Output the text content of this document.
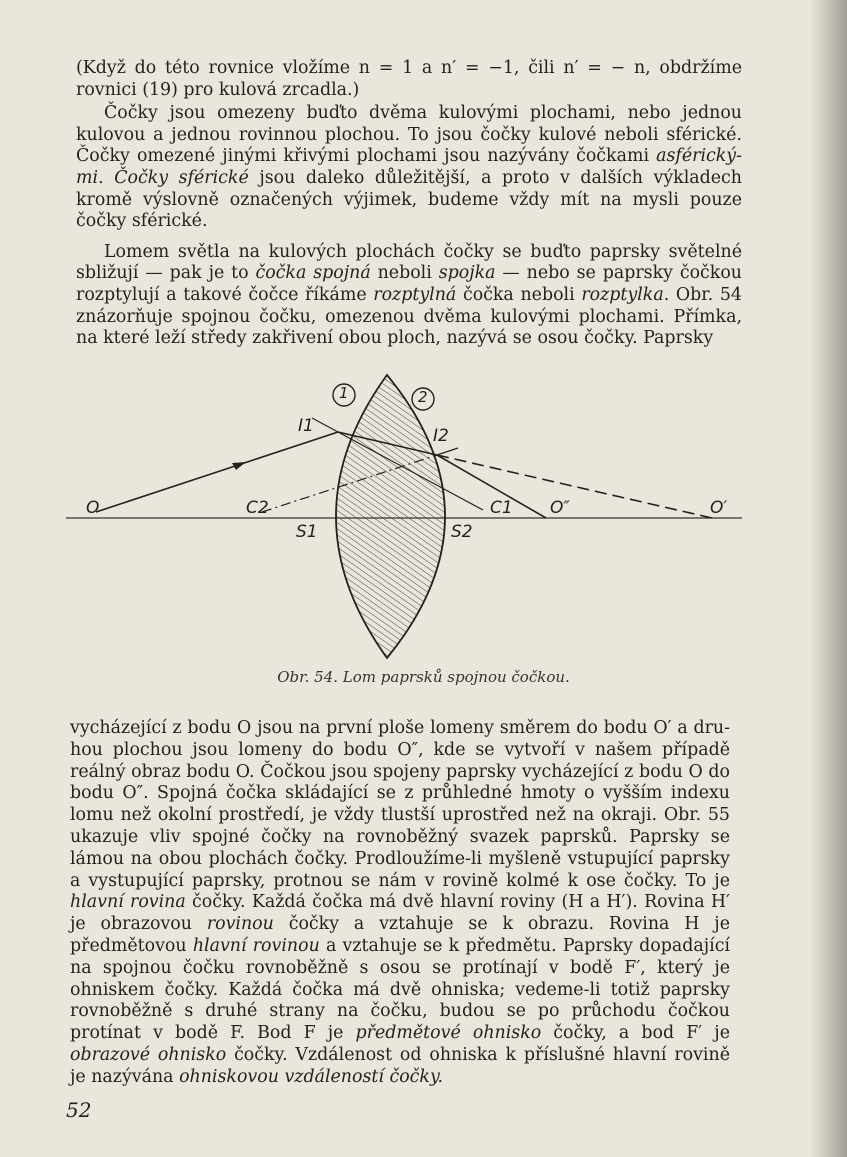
(Když do této rovnice vložíme n = 1 a n′ = −1, čili n′ = − n, obdržíme rovnici (19) pro kulová zrcadla.)

Čočky jsou omezeny buďto dvěma kulovými plochami, nebo jednou kulovou a jednou rovinnou plochou. To jsou čočky kulové neboli sférické. Čočky omezené jinými křivými plochami jsou nazývány čočkami asférickými. Čočky sférické jsou daleko důležitější, a proto v dalších výkladech kromě výslovně označených výjimek, budeme vždy mít na mysli pouze čočky sférické.

Lomem světla na kulových plochách čočky se buďto paprsky světelné sbližují — pak je to čočka spojná neboli spojka — nebo se paprsky čočkou rozptylují a takové čočce říkáme rozptylná čočka neboli rozptylka. Obr. 54 znázorňuje spojnou čočku, omezenou dvěma kulovými plochami. Přímka, na které leží středy zakřivení obou ploch, nazývá se osou čočky. Paprsky

O	C2
S1	S2
C1 O″	O′
I1	I2
1	2
Obr. 54. Lom paprsků spojnou čočkou.

vycházející z bodu O jsou na první ploše lomeny směrem do bodu O′ a druhou plochou jsou lomeny do bodu O″, kde se vytvoří v našem případě reálný obraz bodu O. Čočkou jsou spojeny paprsky vycházející z bodu O do bodu O″. Spojná čočka skládající se z průhledné hmoty o vyšším indexu lomu než okolní prostředí, je vždy tlustší uprostřed než na okraji. Obr. 55 ukazuje vliv spojné čočky na rovnoběžný svazek paprsků. Paprsky se lámou na obou plochách čočky. Prodloužíme-li myšleně vstupující paprsky a vystupující paprsky, protnou se nám v rovině kolmé k ose čočky. To je hlavní rovina čočky. Každá čočka má dvě hlavní roviny (H a H′). Rovina H′ je obrazovou rovinou čočky a vztahuje se k obrazu. Rovina H je předmětovou hlavní rovinou a vztahuje se k předmětu. Paprsky dopadající na spojnou čočku rovnoběžně s osou se protínají v bodě F′, který je ohniskem čočky. Každá čočka má dvě ohniska; vedeme-li totiž paprsky rovnoběžně s druhé strany na čočku, budou se po průchodu čočkou protínat v bodě F. Bod F je předmětové ohnisko čočky, a bod F′ je obrazové ohnisko čočky. Vzdálenost od ohniska k příslušné hlavní rovině je nazývána ohniskovou vzdáleností čočky.

52
